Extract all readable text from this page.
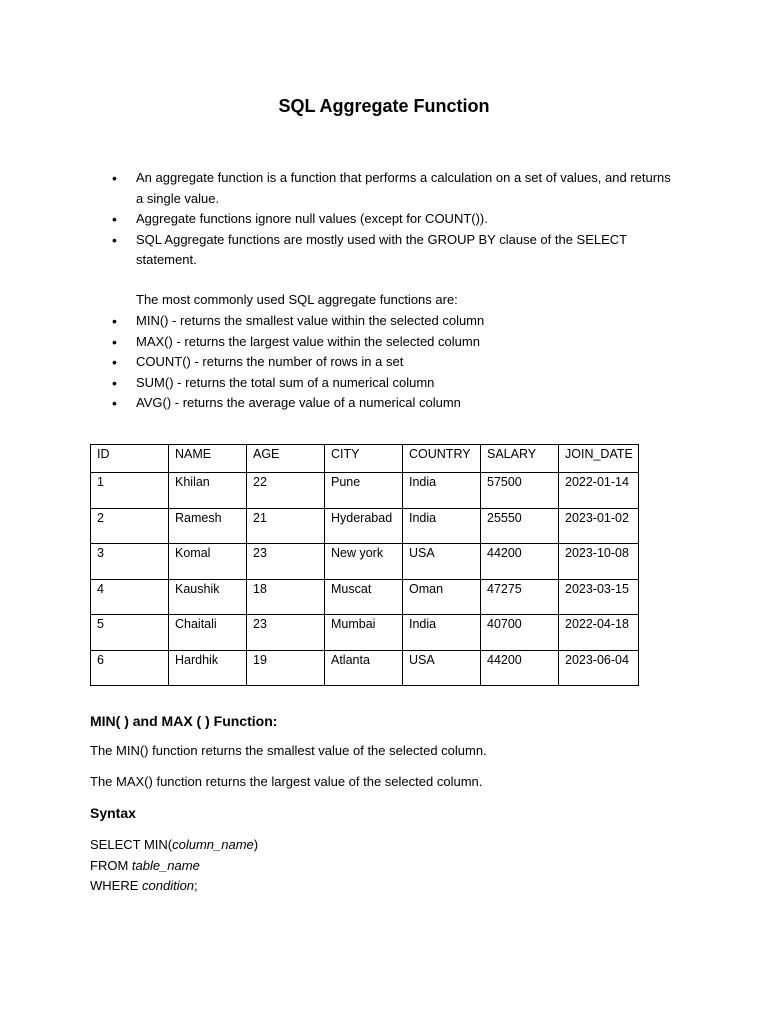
SQL Aggregate Function
• An aggregate function is a function that performs a calculation on a set of values, and returns a single value.
• Aggregate functions ignore null values (except for COUNT()).
• SQL Aggregate functions are mostly used with the GROUP BY clause of the SELECT statement.
The most commonly used SQL aggregate functions are:
• MIN() - returns the smallest value within the selected column
• MAX() - returns the largest value within the selected column
• COUNT() - returns the number of rows in a set
• SUM() - returns the total sum of a numerical column
• AVG() - returns the average value of a numerical column
ID	NAME	AGE	CITY	COUNTRY	SALARY	JOIN_DATE
1	Khilan	22	Pune	India	57500	2022-01-14
2	Ramesh	21	Hyderabad	India	25550	2023-01-02
3	Komal	23	New york	USA	44200	2023-10-08
4	Kaushik	18	Muscat	Oman	47275	2023-03-15
5	Chaitali	23	Mumbai	India	40700	2022-04-18
6	Hardhik	19	Atlanta	USA	44200	2023-06-04
MIN( ) and MAX ( ) Function:
The MIN() function returns the smallest value of the selected column.
The MAX() function returns the largest value of the selected column.
Syntax
SELECT MIN(column_name)
FROM table_name
WHERE condition;
